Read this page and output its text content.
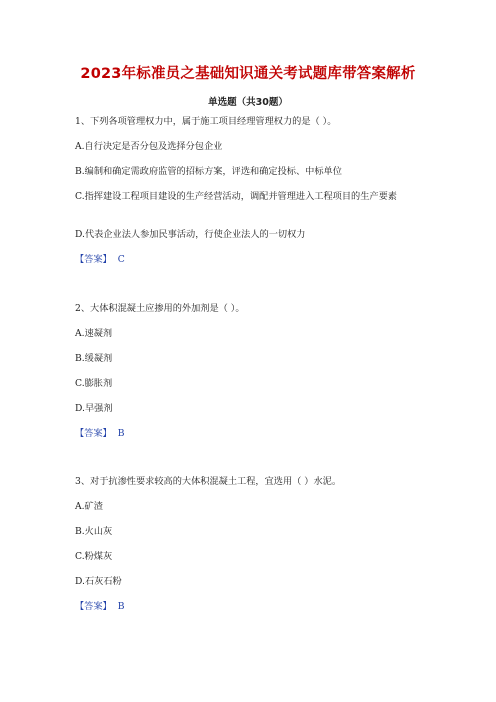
2023年标准员之基础知识通关考试题库带答案解析
单选题（共30题）
1、下列各项管理权力中，属于施工项目经理管理权力的是（ ）。
A.自行决定是否分包及选择分包企业
B.编制和确定需政府监管的招标方案，评选和确定投标、中标单位
C.指挥建设工程项目建设的生产经营活动，调配并管理进入工程项目的生产要素
D.代表企业法人参加民事活动，行使企业法人的一切权力
【答案】 C
2、大体积混凝土应掺用的外加剂是（ ）。
A.速凝剂
B.缓凝剂
C.膨胀剂
D.早强剂
【答案】 B
3、对于抗渗性要求较高的大体积混凝土工程，宜选用（ ）水泥。
A.矿渣
B.火山灰
C.粉煤灰
D.石灰石粉
【答案】 B
